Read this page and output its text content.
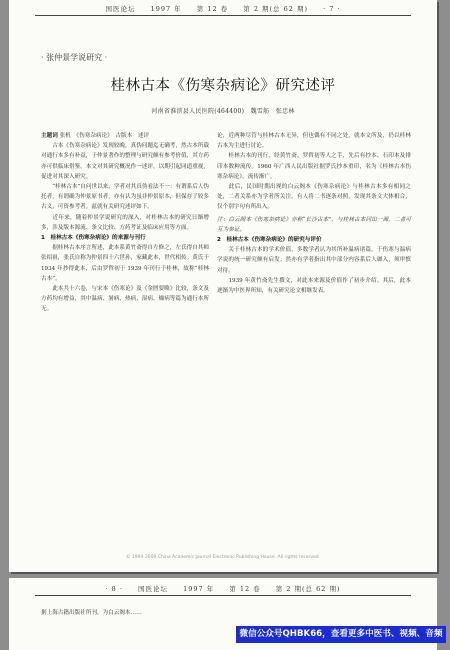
国医论坛 1997 年 第 12 卷 第 2 期(总 62 期) · 7 ·
· 张仲景学说研究 ·
桂林古本《伤寒杂病论》研究述评
河南省淮滨县人民医院(464400)　魏雪舫　张忠林

主题词 张机　《伤寒杂病论》　古版本　述评

　　古本《伤寒杂病论》发现较晚，真伪问题迄无确考，然古本所载对通行本多有补益，于仲景著作的整理与研究颇有参考价值，其方药亦可供临床借鉴。本文对其研究概况作一述评，以期引起同道重视，促进对其深入研究。

　　“桂林古本”自问世以来，学者对其真伪看法不一：有谓系后人伪托者，有谓确为仲景原书者，亦有认为虽非仲景原本，但保存了较多古义，可资参考者。兹就有关研究述评如下。

　　近年来，随着仲景学说研究的深入，对桂林古本的研究日渐增多，涉及版本源流、条文比较、方药考证及临床应用等方面。

1　桂林古本《伤寒杂病论》的来源与刊行

　　据桂林古本序言所述，此本系黄竹斋得自左修之，左氏得自其师张绍祖，张氏自称为仲景四十六世孙，家藏此本，世代相传。黄氏于 1934 年抄得此本，后由罗哲初于 1939 年刊行于桂林，故称“桂林古本”。

　　此本共十六卷，与宋本《伤寒论》及《金匮要略》比较，条文及方药均有增益，其中温病、暑病、热病、湿病、燥病等篇为通行本所无。

论，近两种尽管与桂林古本无异，但也偶有不同之处，就本文所及，仍以桂林古本为主进行讨论。

　　桂林古本的刊行，经黄竹斋、罗哲初等人之手，先后有抄本、石印本及排印本数种流传。1960 年广西人民出版社据罗氏抄本重印，名为《桂林古本伤寒杂病论》，流传渐广。

　　此后，民国时期出现的白云阁本《伤寒杂病论》与桂林古本多有相同之处，二者关系亦为学者所关注。有人将二书逐条对照，发现其条文大体相合，仅个别字句有所出入。

注：白云阁本《伤寒杂病论》亦称“长沙古本”，与桂林古本同出一源，二者可互为参证。

2　桂林古本《伤寒杂病论》的研究与评价

　　关于桂林古本的学术价值，多数学者认为其所补温病诸篇，于伤寒与温病学说的统一研究颇有启发；然亦有学者指出其中部分内容系后人羼入，须审慎对待。

　　1939 年黄竹斋先生撰文，对此本来源及价值作了初步介绍。其后，此本逐渐为中医界所知，有关研究论文相继发表。

© 1994-2009 China Academic Journal Electronic Publishing House. All rights reserved.
· 8 · 国医论坛 1997 年 第 12 卷 第 2 期(总 62 期)
据上海古籍出版社所刊，为白云阁本……
微信公众号QHBK66，查看更多中医书、视频、音频
